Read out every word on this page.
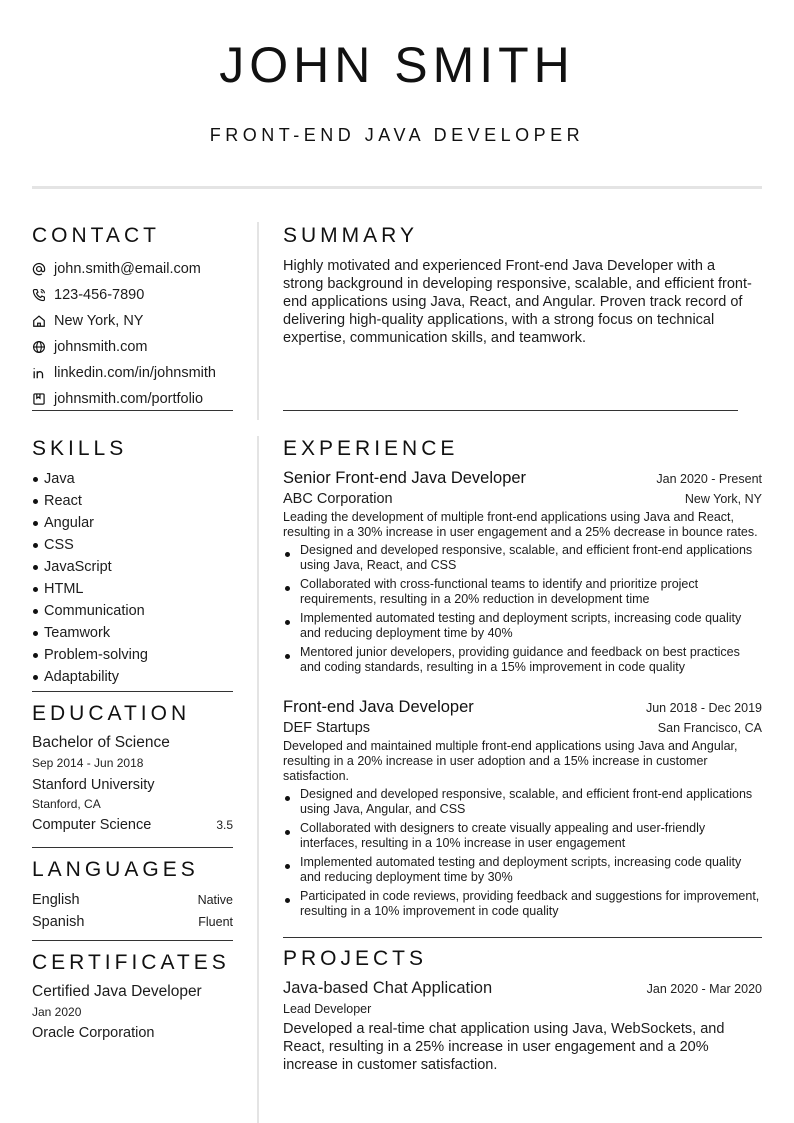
JOHN SMITH
FRONT-END JAVA DEVELOPER
CONTACT
john.smith@email.com
123-456-7890
New York, NY
johnsmith.com
linkedin.com/in/johnsmith
johnsmith.com/portfolio
SKILLS
Java
React
Angular
CSS
JavaScript
HTML
Communication
Teamwork
Problem-solving
Adaptability
EDUCATION
Bachelor of Science
Sep 2014 - Jun 2018
Stanford University
Stanford, CA
Computer Science	3.5
LANGUAGES
English	Native
Spanish	Fluent
CERTIFICATES
Certified Java Developer
Jan 2020
Oracle Corporation
SUMMARY
Highly motivated and experienced Front-end Java Developer with a strong background in developing responsive, scalable, and efficient front-end applications using Java, React, and Angular. Proven track record of delivering high-quality applications, with a strong focus on technical expertise, communication skills, and teamwork.
EXPERIENCE
Senior Front-end Java Developer	Jan 2020 - Present
ABC Corporation	New York, NY
Leading the development of multiple front-end applications using Java and React, resulting in a 30% increase in user engagement and a 25% decrease in bounce rates.
Designed and developed responsive, scalable, and efficient front-end applications using Java, React, and CSS
Collaborated with cross-functional teams to identify and prioritize project requirements, resulting in a 20% reduction in development time
Implemented automated testing and deployment scripts, increasing code quality and reducing deployment time by 40%
Mentored junior developers, providing guidance and feedback on best practices and coding standards, resulting in a 15% improvement in code quality
Front-end Java Developer	Jun 2018 - Dec 2019
DEF Startups	San Francisco, CA
Developed and maintained multiple front-end applications using Java and Angular, resulting in a 20% increase in user adoption and a 15% increase in customer satisfaction.
Designed and developed responsive, scalable, and efficient front-end applications using Java, Angular, and CSS
Collaborated with designers to create visually appealing and user-friendly interfaces, resulting in a 10% increase in user engagement
Implemented automated testing and deployment scripts, increasing code quality and reducing deployment time by 30%
Participated in code reviews, providing feedback and suggestions for improvement, resulting in a 10% improvement in code quality
PROJECTS
Java-based Chat Application	Jan 2020 - Mar 2020
Lead Developer
Developed a real-time chat application using Java, WebSockets, and React, resulting in a 25% increase in user engagement and a 20% increase in customer satisfaction.
